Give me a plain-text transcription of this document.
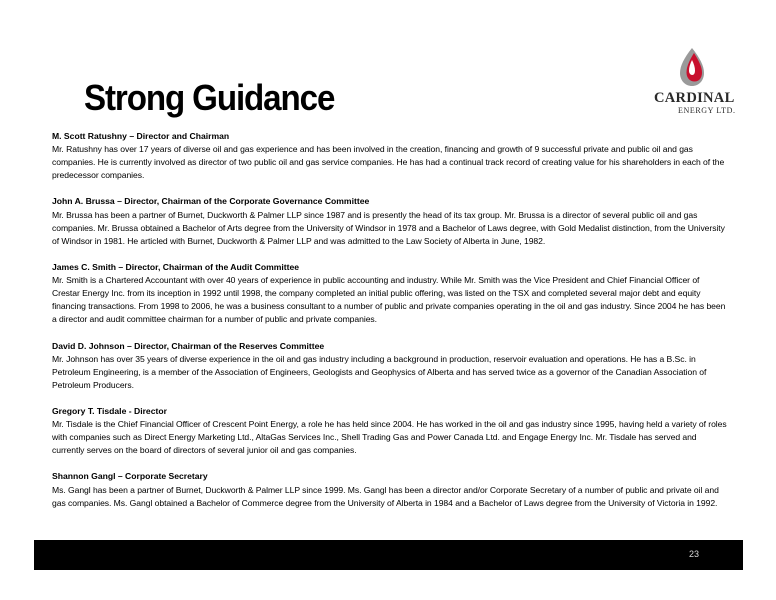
Strong Guidance	CARDINAL
ENERGY LTD.
M. Scott Ratushny – Director and Chairman
Mr. Ratushny has over 17 years of diverse oil and gas experience and has been involved in the creation, financing and growth of 9 successful private and public oil and gas companies. He is currently involved as director of two public oil and gas service companies. He has had a continual track record of creating value for his shareholders in each of the predecessor companies.
John A. Brussa – Director, Chairman of the Corporate Governance Committee
Mr. Brussa has been a partner of Burnet, Duckworth & Palmer LLP since 1987 and is presently the head of its tax group. Mr. Brussa is a director of several public oil and gas companies. Mr. Brussa obtained a Bachelor of Arts degree from the University of Windsor in 1978 and a Bachelor of Laws degree, with Gold Medalist distinction, from the University of Windsor in 1981. He articled with Burnet, Duckworth & Palmer LLP and was admitted to the Law Society of Alberta in June, 1982.
James C. Smith – Director, Chairman of the Audit Committee
Mr. Smith is a Chartered Accountant with over 40 years of experience in public accounting and industry. While Mr. Smith was the Vice President and Chief Financial Officer of Crestar Energy Inc. from its inception in 1992 until 1998, the company completed an initial public offering, was listed on the TSX and completed several major debt and equity financing transactions. From 1998 to 2006, he was a business consultant to a number of public and private companies operating in the oil and gas industry. Since 2004 he has been a director and audit committee chairman for a number of public and private companies.
David D. Johnson – Director, Chairman of the Reserves Committee
Mr. Johnson has over 35 years of diverse experience in the oil and gas industry including a background in production, reservoir evaluation and operations. He has a B.Sc. in Petroleum Engineering, is a member of the Association of Engineers, Geologists and Geophysics of Alberta and has served twice as a governor of the Canadian Association of Petroleum Producers.
Gregory T. Tisdale - Director
Mr. Tisdale is the Chief Financial Officer of Crescent Point Energy, a role he has held since 2004. He has worked in the oil and gas industry since 1995, having held a variety of roles with companies such as Direct Energy Marketing Ltd., AltaGas Services Inc., Shell Trading Gas and Power Canada Ltd. and Engage Energy Inc. Mr. Tisdale has served and currently serves on the board of directors of several junior oil and gas companies.
Shannon Gangl – Corporate Secretary
Ms. Gangl has been a partner of Burnet, Duckworth & Palmer LLP since 1999. Ms. Gangl has been a director and/or Corporate Secretary of a number of public and private oil and gas companies. Ms. Gangl obtained a Bachelor of Commerce degree from the University of Alberta in 1984 and a Bachelor of Laws degree from the University of Victoria in 1992.
23
